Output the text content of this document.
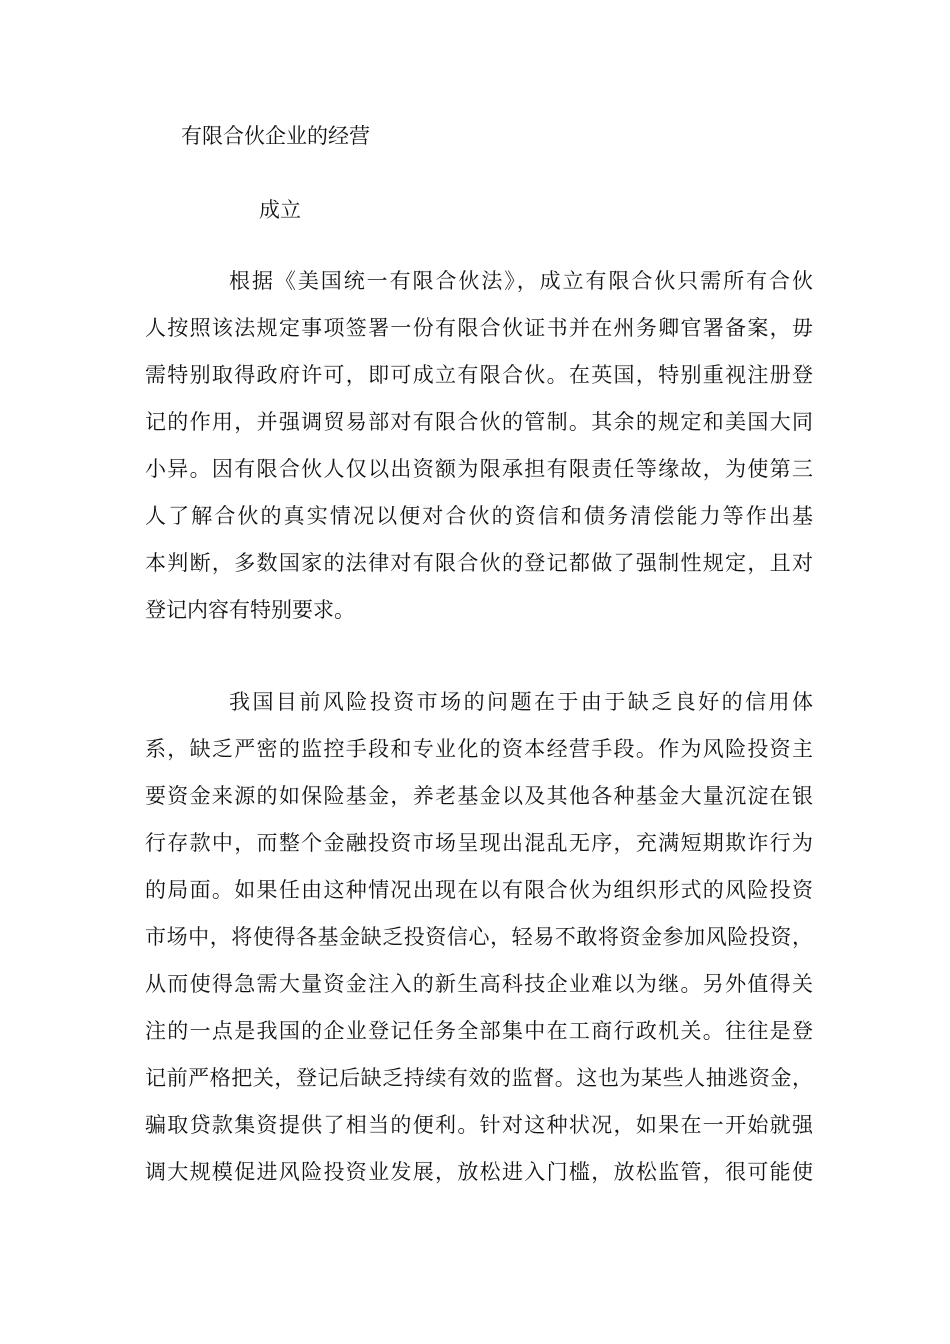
有限合伙企业的经营
成立
根据《美国统一有限合伙法》，成立有限合伙只需所有合伙
人按照该法规定事项签署一份有限合伙证书并在州务卿官署备案，毋
需特别取得政府许可，即可成立有限合伙。在英国，特别重视注册登
记的作用，并强调贸易部对有限合伙的管制。其余的规定和美国大同
小异。因有限合伙人仅以出资额为限承担有限责任等缘故，为使第三
人了解合伙的真实情况以便对合伙的资信和债务清偿能力等作出基
本判断，多数国家的法律对有限合伙的登记都做了强制性规定，且对
登记内容有特别要求。
我国目前风险投资市场的问题在于由于缺乏良好的信用体
系，缺乏严密的监控手段和专业化的资本经营手段。作为风险投资主
要资金来源的如保险基金，养老基金以及其他各种基金大量沉淀在银
行存款中，而整个金融投资市场呈现出混乱无序，充满短期欺诈行为
的局面。如果任由这种情况出现在以有限合伙为组织形式的风险投资
市场中，将使得各基金缺乏投资信心，轻易不敢将资金参加风险投资，
从而使得急需大量资金注入的新生高科技企业难以为继。另外值得关
注的一点是我国的企业登记任务全部集中在工商行政机关。往往是登
记前严格把关，登记后缺乏持续有效的监督。这也为某些人抽逃资金，
骗取贷款集资提供了相当的便利。针对这种状况，如果在一开始就强
调大规模促进风险投资业发展，放松进入门槛，放松监管，很可能使
